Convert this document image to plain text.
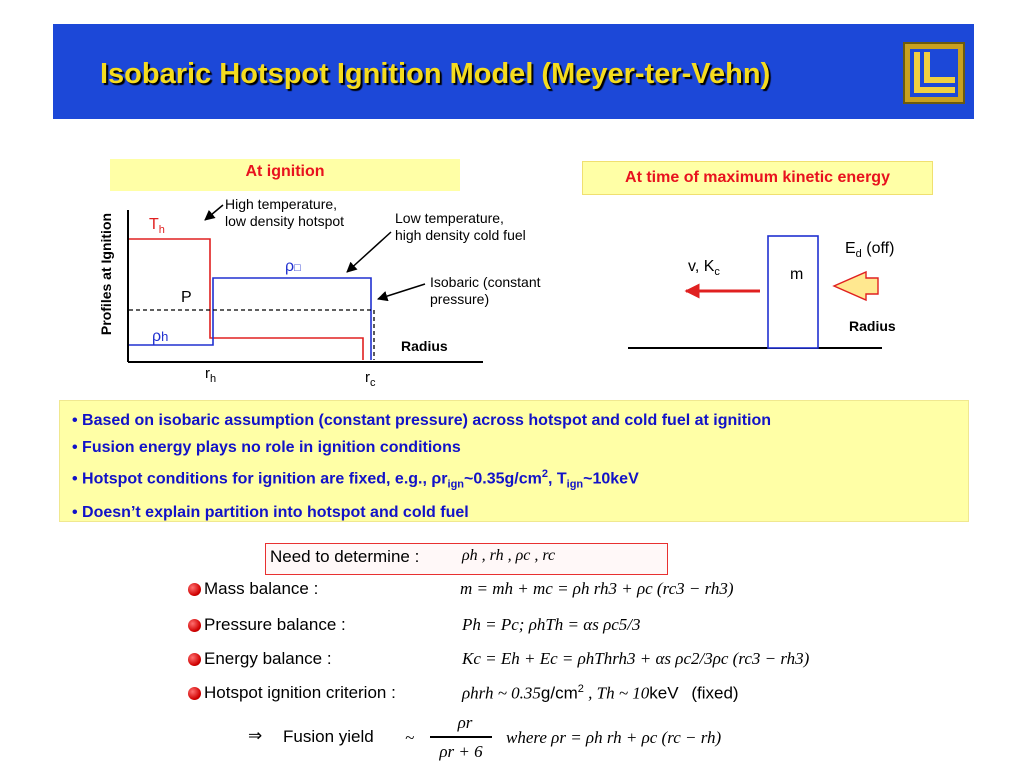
Isobaric Hotspot Ignition Model (Meyer-ter-Vehn)
At ignition
Profiles at Ignition $T_h$
P
ρh
ρ□
$r_h$	$r_c$
Radius
High temperature,
low density hotspot	Low temperature,
high density cold fuel
Isobaric (constant
pressure)
At time of maximum kinetic energy
v, $K_c$	m
$E_d$ (off)
Radius
• Based on isobaric assumption (constant pressure) across hotspot and cold fuel at ignition
• Fusion energy plays no role in ignition conditions
• Hotspot conditions for ignition are fixed, e.g., $\rho r_{ign}\sim 0.35g/cm^2$, $T_{ign}\sim 10keV$
• Doesn’t explain partition into hotspot and cold fuel
Need to determine :	ρh , rh , ρc , rc
Mass balance :	m = mh + mc = ρh rh3 + ρc (rc3 − rh3)
Pressure balance :	Ph = Pc; ρhTh = αs ρc5/3
Energy balance :	Kc = Eh + Ec = ρhThrh3 + αs ρc2/3ρc (rc3 − rh3)
Hotspot ignition criterion :	ρhrh ~ $0.35g/cm^2$ , Th ~ 10keV (fixed)
⇒ Fusion yield ~
ρr
ρr + 6
where ρr = ρh rh + ρc (rc − rh)
